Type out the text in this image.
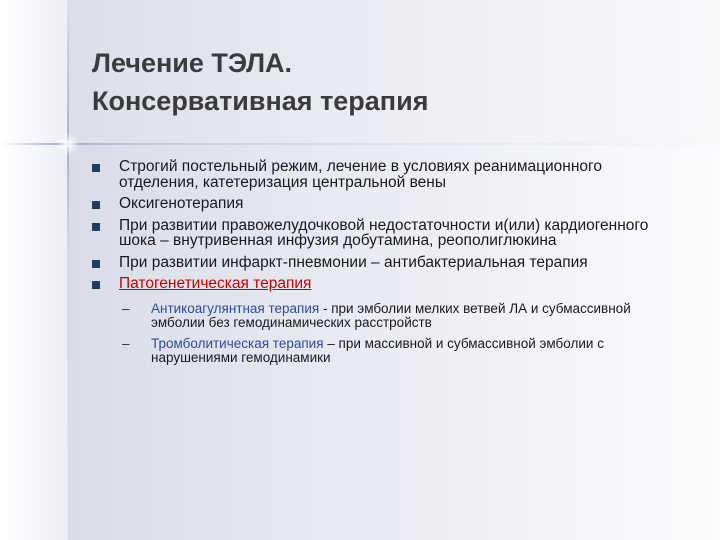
Лечение ТЭЛА.
Консервативная терапия
Строгий постельный режим, лечение в условиях реанимационного отделения, катетеризация центральной вены
Оксигенотерапия
При развитии правожелудочковой недостаточности и(или) кардиогенного шока – внутривенная инфузия добутамина, реополиглюкина
При развитии инфаркт-пневмонии – антибактериальная терапия
Патогенетическая терапия
– Антикоагулянтная терапия - при эмболии мелких ветвей ЛА и субмассивной эмболии без гемодинамических расстройств
– Тромболитическая терапия – при массивной и субмассивной эмболии с нарушениями гемодинамики
